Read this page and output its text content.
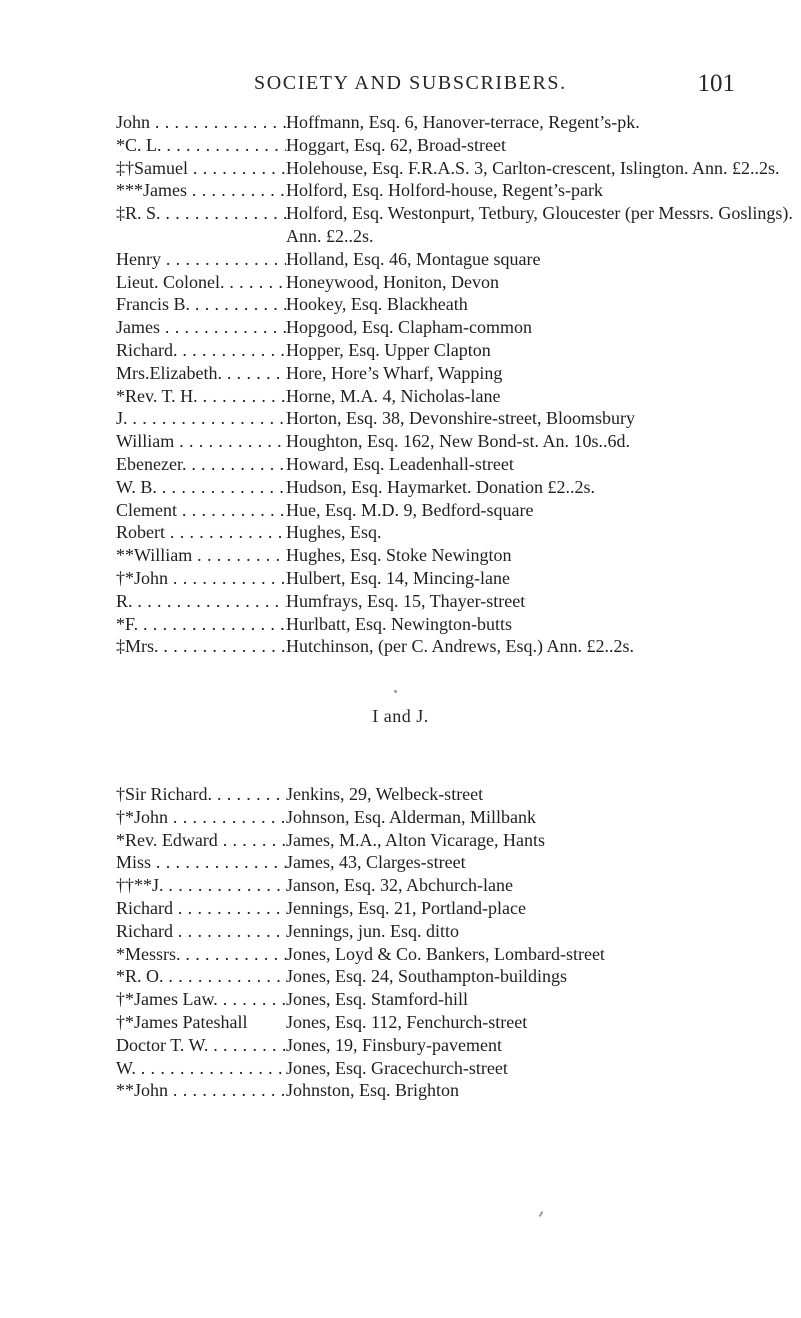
SOCIETY AND SUBSCRIBERS.	101
John . . .	Hoffmann, Esq. 6, Hanover-terrace, Regent’s-pk.
*C. L. . . .	Hoggart, Esq. 62, Broad-street
‡†Samuel . . .	Holehouse, Esq. F.R.A.S. 3, Carlton-crescent, Islington. Ann. £2..2s.
***James . . .	Holford, Esq. Holford-house, Regent’s-park
‡R. S. . . .	Holford, Esq. Westonpurt, Tetbury, Gloucester (per Messrs. Goslings). Ann. £2..2s.
Henry . . .	Holland, Esq. 46, Montague square
Lieut. Colonel. . . .	Honeywood, Honiton, Devon
Francis B. . . .	Hookey, Esq. Blackheath
James . . .	Hopgood, Esq. Clapham-common
Richard. . . .	Hopper, Esq. Upper Clapton
Mrs.Elizabeth. . . .	Hore, Hore’s Wharf, Wapping
*Rev. T. H. . . .	Horne, M.A. 4, Nicholas-lane
J. . . .	Horton, Esq. 38, Devonshire-street, Bloomsbury
William . . .	Houghton, Esq. 162, New Bond-st. An. 10s..6d.
Ebenezer. . . .	Howard, Esq. Leadenhall-street
W. B. . . .	Hudson, Esq. Haymarket. Donation £2..2s.
Clement . . .	Hue, Esq. M.D. 9, Bedford-square
Robert . . .	Hughes, Esq.
**William . . .	Hughes, Esq. Stoke Newington
†*John . . .	Hulbert, Esq. 14, Mincing-lane
R. . . .	Humfrays, Esq. 15, Thayer-street
*F. . . .	Hurlbatt, Esq. Newington-butts
‡Mrs. . . .	Hutchinson, (per C. Andrews, Esq.) Ann. £2..2s.
I and J.
†Sir Richard. . . .	Jenkins, 29, Welbeck-street
†*John . . .	Johnson, Esq. Alderman, Millbank
*Rev. Edward . . .	James, M.A., Alton Vicarage, Hants
Miss . . .	James, 43, Clarges-street
††**J. . . .	Janson, Esq. 32, Abchurch-lane
Richard . . .	Jennings, Esq. 21, Portland-place
Richard . . .	Jennings, jun. Esq. ditto
*Messrs. . . .	Jones, Loyd & Co. Bankers, Lombard-street
*R. O. . . .	Jones, Esq. 24, Southampton-buildings
†*James Law. . . .	Jones, Esq. Stamford-hill
†*James Pateshall	Jones, Esq. 112, Fenchurch-street
Doctor T. W. . . .	Jones, 19, Finsbury-pavement
W. . . .	Jones, Esq. Gracechurch-street
**John . . .	Johnston, Esq. Brighton
